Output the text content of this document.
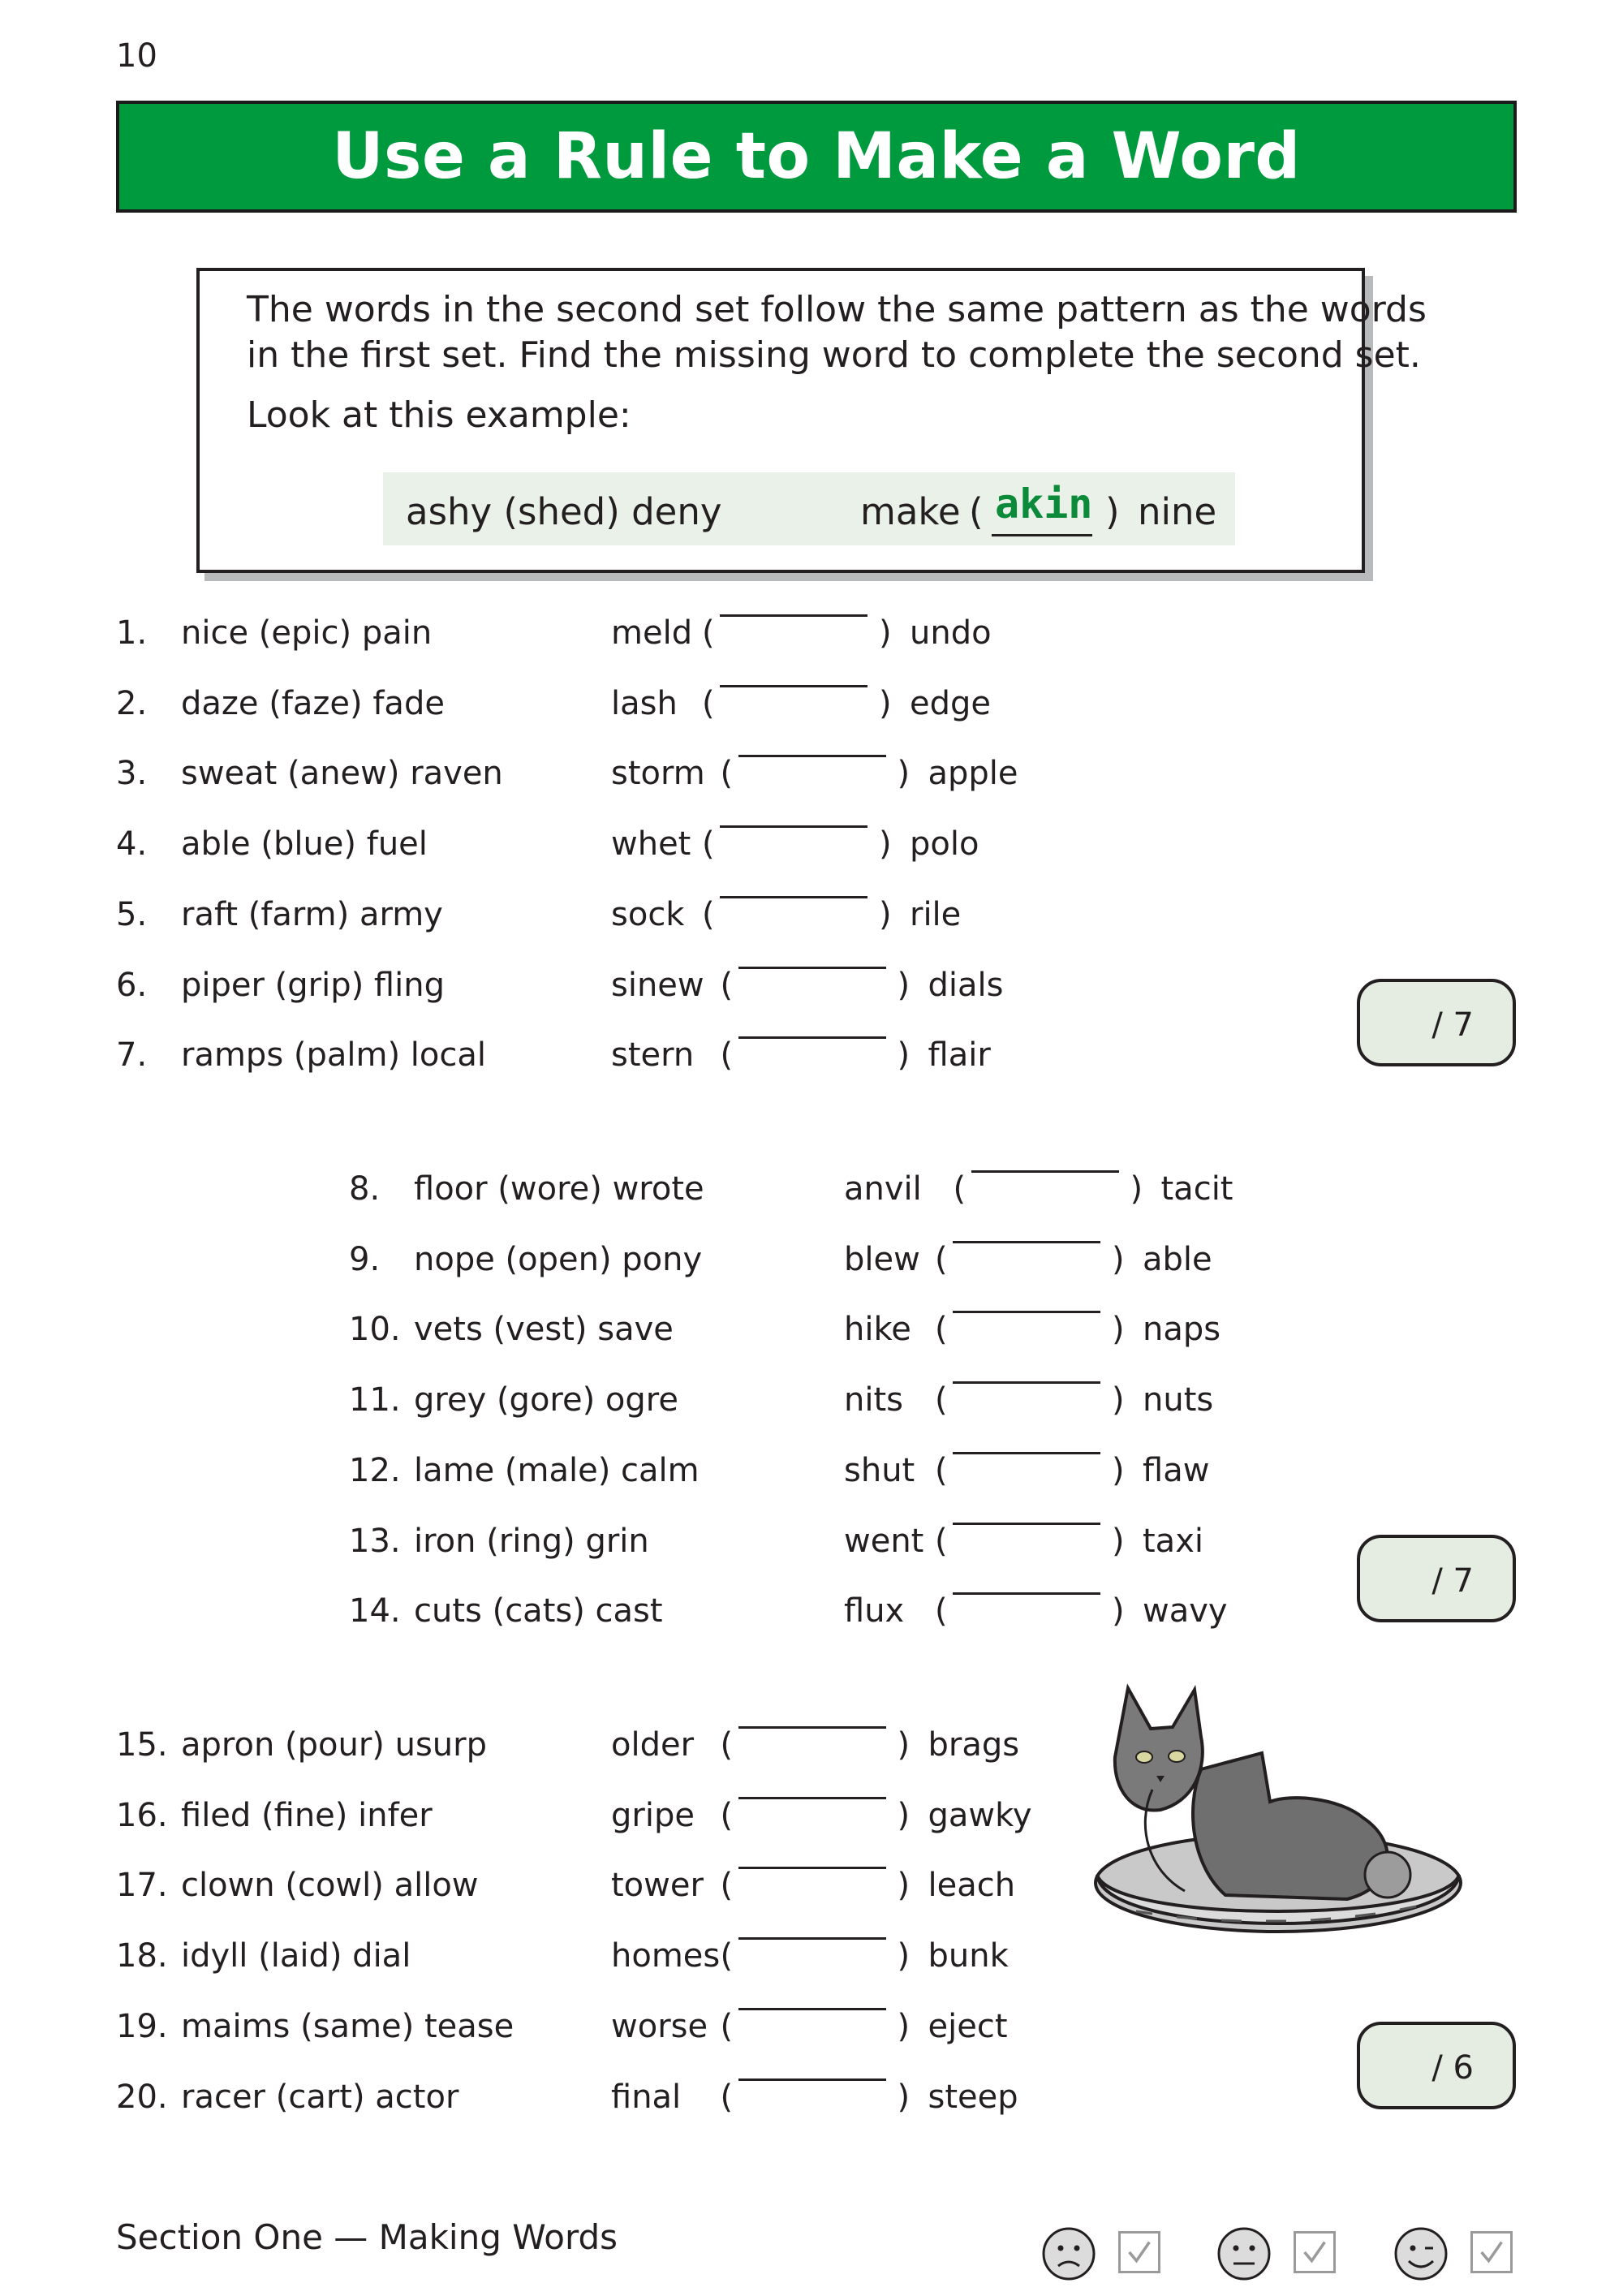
10
Use a Rule to Make a Word
The words in the second set follow the same pattern as the words
in the first set. Find the missing word to complete the second set.
Look at this example:
ashy (shed) deny	make ( akin ) nine
1. nice (epic) pain	meld (	) undo
2. daze (faze) fade	lash (	) edge
3. sweat (anew) raven	storm (	) apple
4. able (blue) fuel	whet (	) polo
5. raft (farm) army	sock (	) rile
6. piper (grip) fling	sinew (	) dials
7. ramps (palm) local	stern (	) flair
8. floor (wore) wrote	anvil (	) tacit
9. nope (open) pony	blew (	) able
10. vets (vest) save	hike (	) naps
11. grey (gore) ogre	nits (	) nuts
12. lame (male) calm	shut (	) flaw
13. iron (ring) grin	went (	) taxi
14. cuts (cats) cast	flux (	) wavy
15. apron (pour) usurp	older (	) brags
16. filed (fine) infer	gripe (	) gawky
17. clown (cowl) allow	tower (	) leach
18. idyll (laid) dial	homes (	) bunk
19. maims (same) tease	worse (	) eject
20. racer (cart) actor	final (	) steep
/ 7
/ 7
/ 6
Section One — Making Words
